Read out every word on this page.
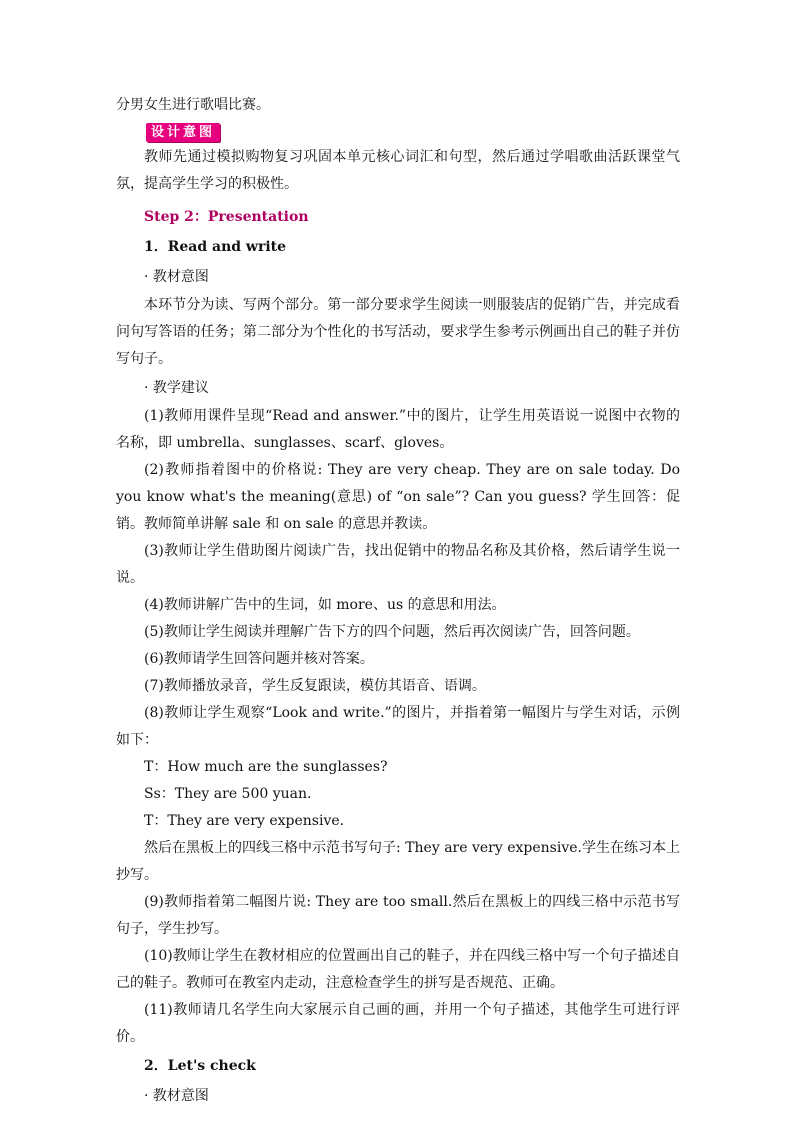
分男女生进行歌唱比赛。
设计意图

教师先通过模拟购物复习巩固本单元核心词汇和句型，然后通过学唱歌曲活跃课堂气氛，提高学生学习的积极性。

Step 2：Presentation
1．Read and write
· 教材意图

本环节分为读、写两个部分。第一部分要求学生阅读一则服装店的促销广告，并完成看问句写答语的任务；第二部分为个性化的书写活动，要求学生参考示例画出自己的鞋子并仿写句子。

· 教学建议

(1)教师用课件呈现“Read and answer.”中的图片，让学生用英语说一说图中衣物的名称，即 umbrella、sunglasses、scarf、gloves。

(2)教师指着图中的价格说: They are very cheap. They are on sale today. Do you know what's the meaning(意思) of “on sale”? Can you guess? 学生回答：促销。教师简单讲解 sale 和 on sale 的意思并教读。

(3)教师让学生借助图片阅读广告，找出促销中的物品名称及其价格，然后请学生说一说。

(4)教师讲解广告中的生词，如 more、us 的意思和用法。

(5)教师让学生阅读并理解广告下方的四个问题，然后再次阅读广告，回答问题。

(6)教师请学生回答问题并核对答案。

(7)教师播放录音，学生反复跟读，模仿其语音、语调。

(8)教师让学生观察“Look and write.”的图片，并指着第一幅图片与学生对话，示例如下：

T：How much are the sunglasses?

Ss：They are 500 yuan.

T：They are very expensive.

然后在黑板上的四线三格中示范书写句子: They are very expensive.学生在练习本上抄写。

(9)教师指着第二幅图片说: They are too small.然后在黑板上的四线三格中示范书写句子，学生抄写。

(10)教师让学生在教材相应的位置画出自己的鞋子，并在四线三格中写一个句子描述自己的鞋子。教师可在教室内走动，注意检查学生的拼写是否规范、正确。

(11)教师请几名学生向大家展示自己画的画，并用一个句子描述，其他学生可进行评价。

2．Let's check
· 教材意图
